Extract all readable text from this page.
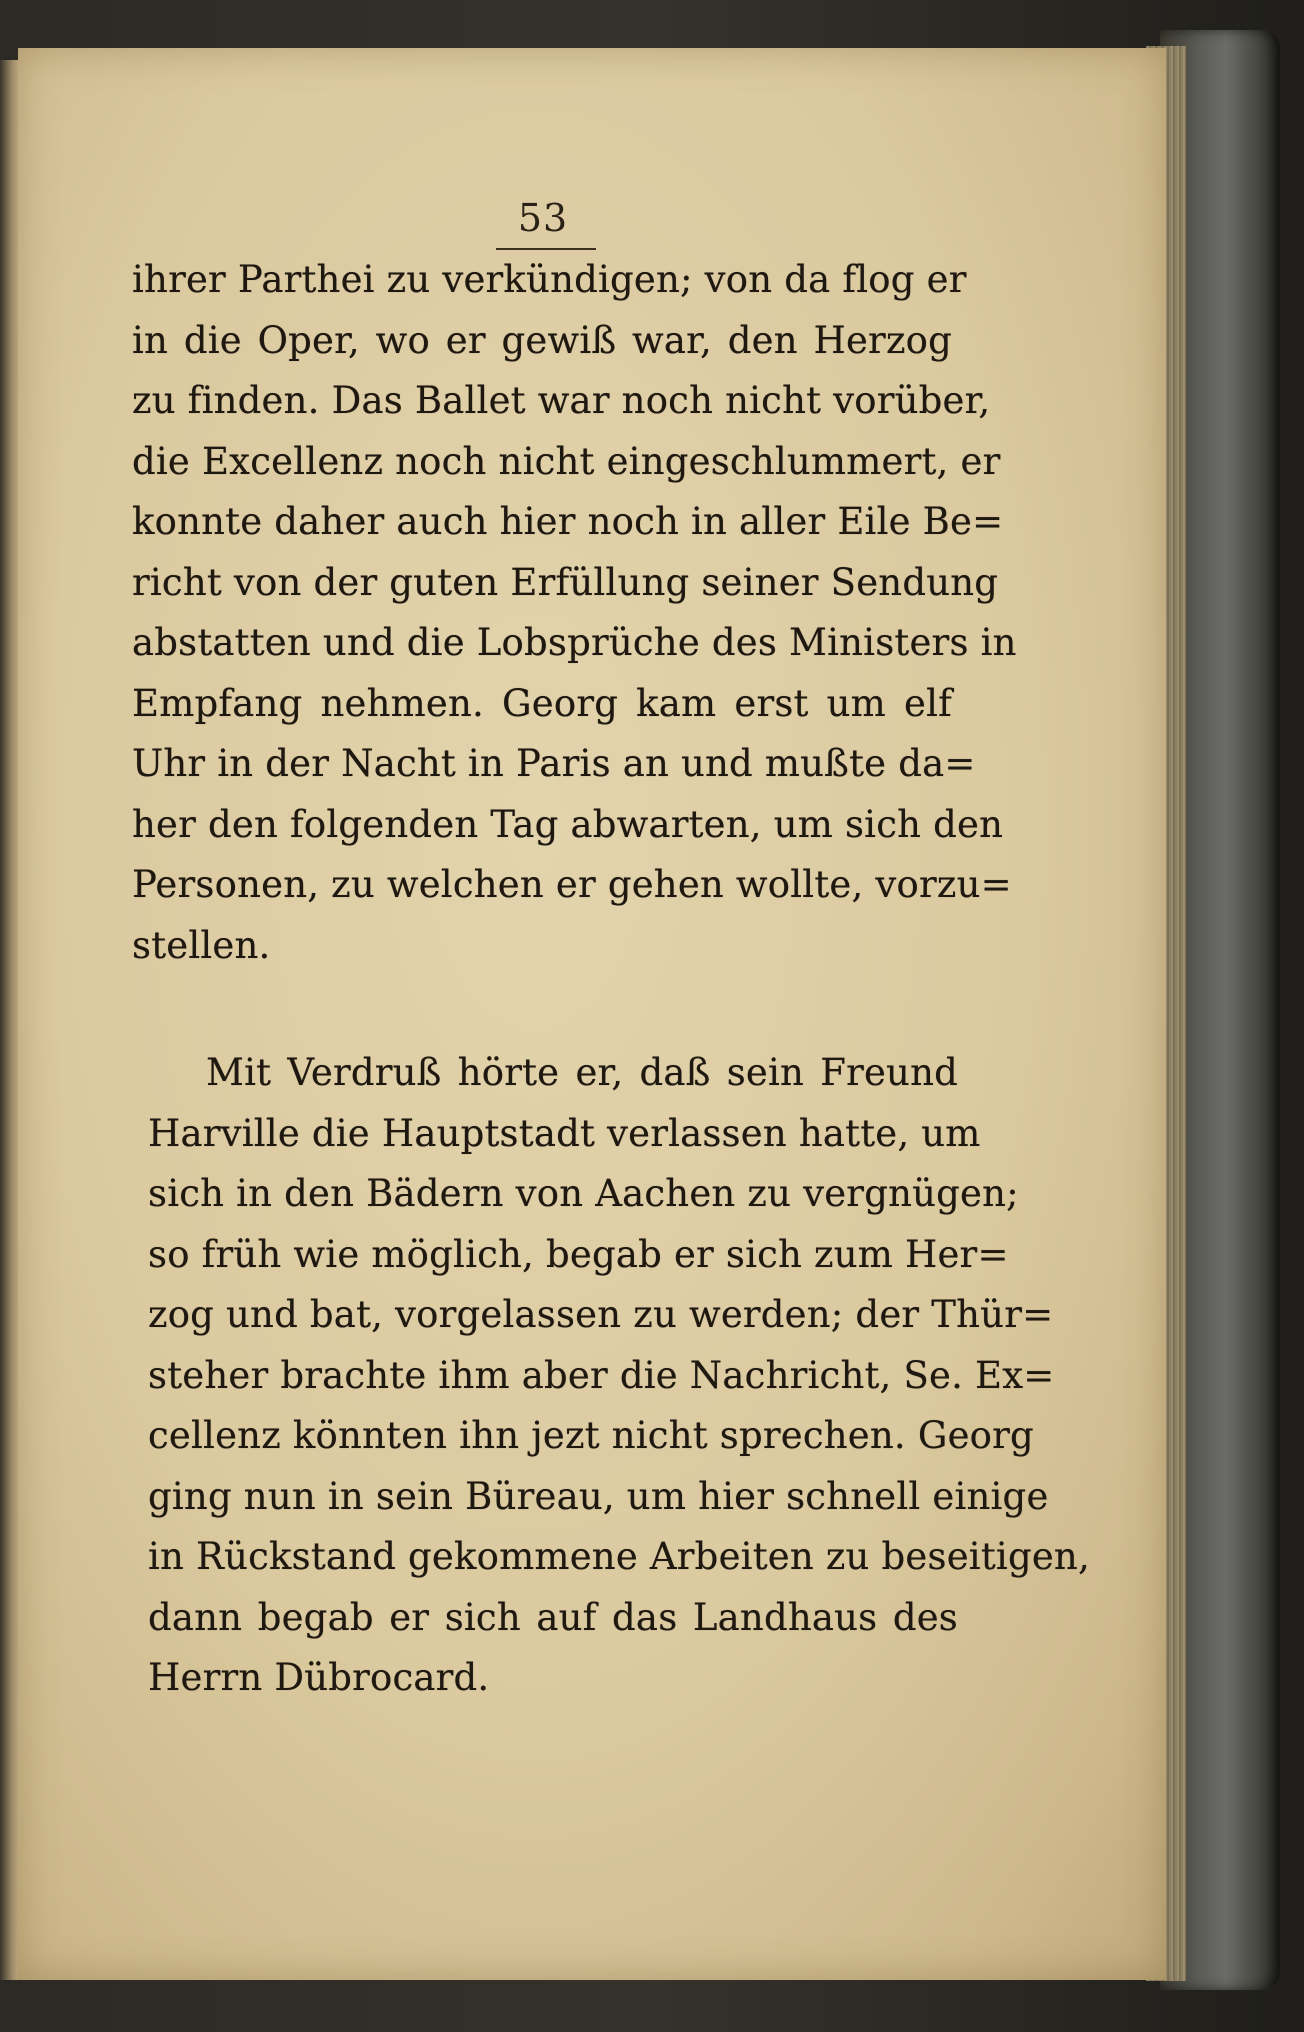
53
ihrer Parthei zu verkündigen; von da flog er
in die Oper, wo er gewiß war, den Herzog
zu finden. Das Ballet war noch nicht vorüber,
die Excellenz noch nicht eingeschlummert, er
konnte daher auch hier noch in aller Eile Be=
richt von der guten Erfüllung seiner Sendung
abstatten und die Lobsprüche des Ministers in
Empfang nehmen. Georg kam erst um elf
Uhr in der Nacht in Paris an und mußte da=
her den folgenden Tag abwarten, um sich den
Personen, zu welchen er gehen wollte, vorzu=
stellen.
Mit Verdruß hörte er, daß sein Freund
Harville die Hauptstadt verlassen hatte, um
sich in den Bädern von Aachen zu vergnügen;
so früh wie möglich, begab er sich zum Her=
zog und bat, vorgelassen zu werden; der Thür=
steher brachte ihm aber die Nachricht, Se. Ex=
cellenz könnten ihn jezt nicht sprechen. Georg
ging nun in sein Büreau, um hier schnell einige
in Rückstand gekommene Arbeiten zu beseitigen,
dann begab er sich auf das Landhaus des
Herrn Dübrocard.
